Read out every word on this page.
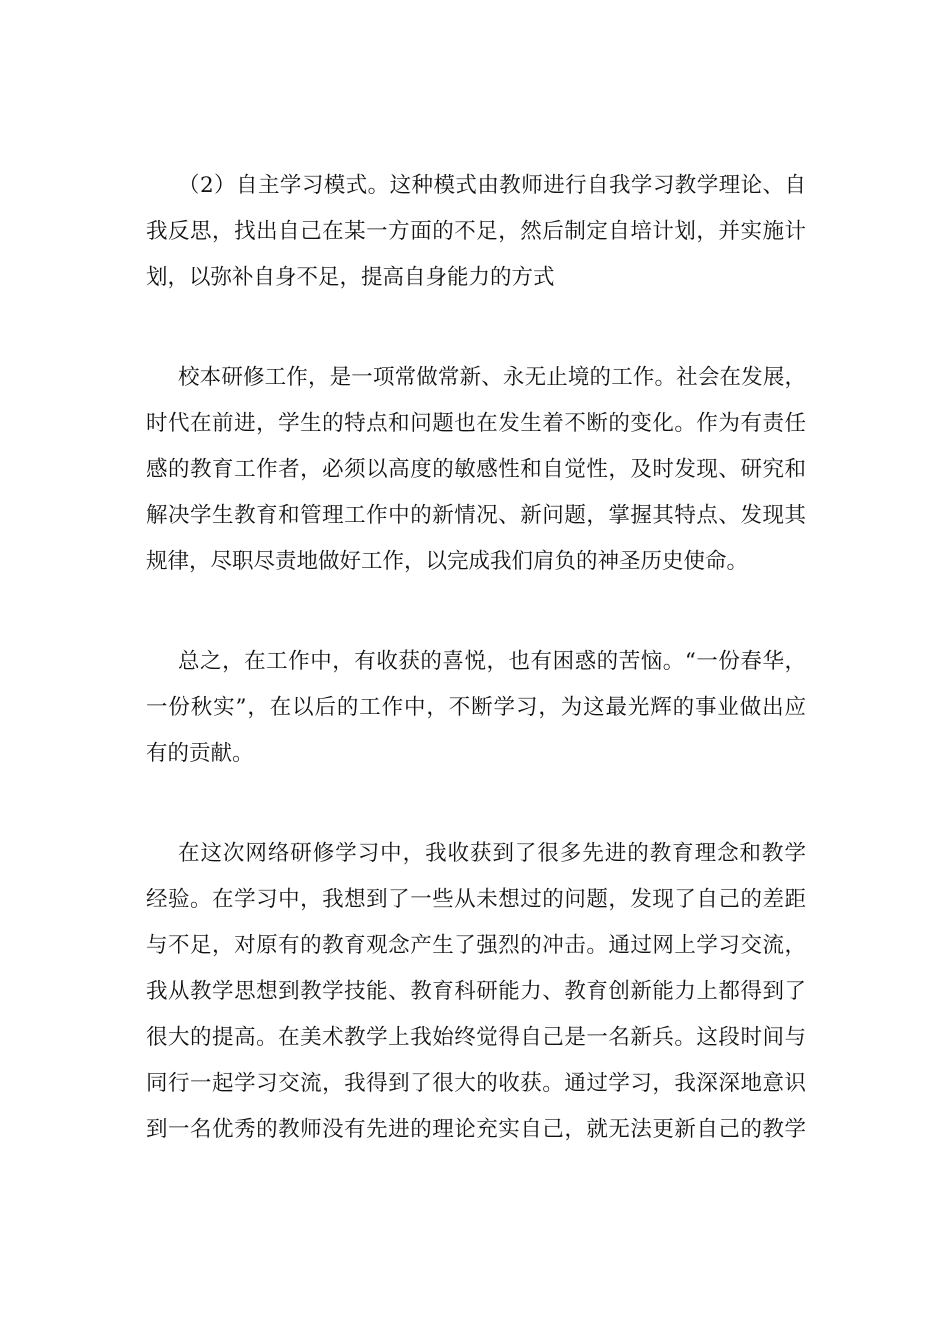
（2）自主学习模式。这种模式由教师进行自我学习教学理论、自
我反思，找出自己在某一方面的不足，然后制定自培计划，并实施计
划，以弥补自身不足，提高自身能力的方式
校本研修工作，是一项常做常新、永无止境的工作。社会在发展，
时代在前进，学生的特点和问题也在发生着不断的变化。作为有责任
感的教育工作者，必须以高度的敏感性和自觉性，及时发现、研究和
解决学生教育和管理工作中的新情况、新问题，掌握其特点、发现其
规律，尽职尽责地做好工作，以完成我们肩负的神圣历史使命。
总之，在工作中，有收获的喜悦，也有困惑的苦恼。“一份春华，
一份秋实”，在以后的工作中，不断学习，为这最光辉的事业做出应
有的贡献。
在这次网络研修学习中，我收获到了很多先进的教育理念和教学
经验。在学习中，我想到了一些从未想过的问题，发现了自己的差距
与不足，对原有的教育观念产生了强烈的冲击。通过网上学习交流，
我从教学思想到教学技能、教育科研能力、教育创新能力上都得到了
很大的提高。在美术教学上我始终觉得自己是一名新兵。这段时间与
同行一起学习交流，我得到了很大的收获。通过学习，我深深地意识
到一名优秀的教师没有先进的理论充实自己，就无法更新自己的教学
